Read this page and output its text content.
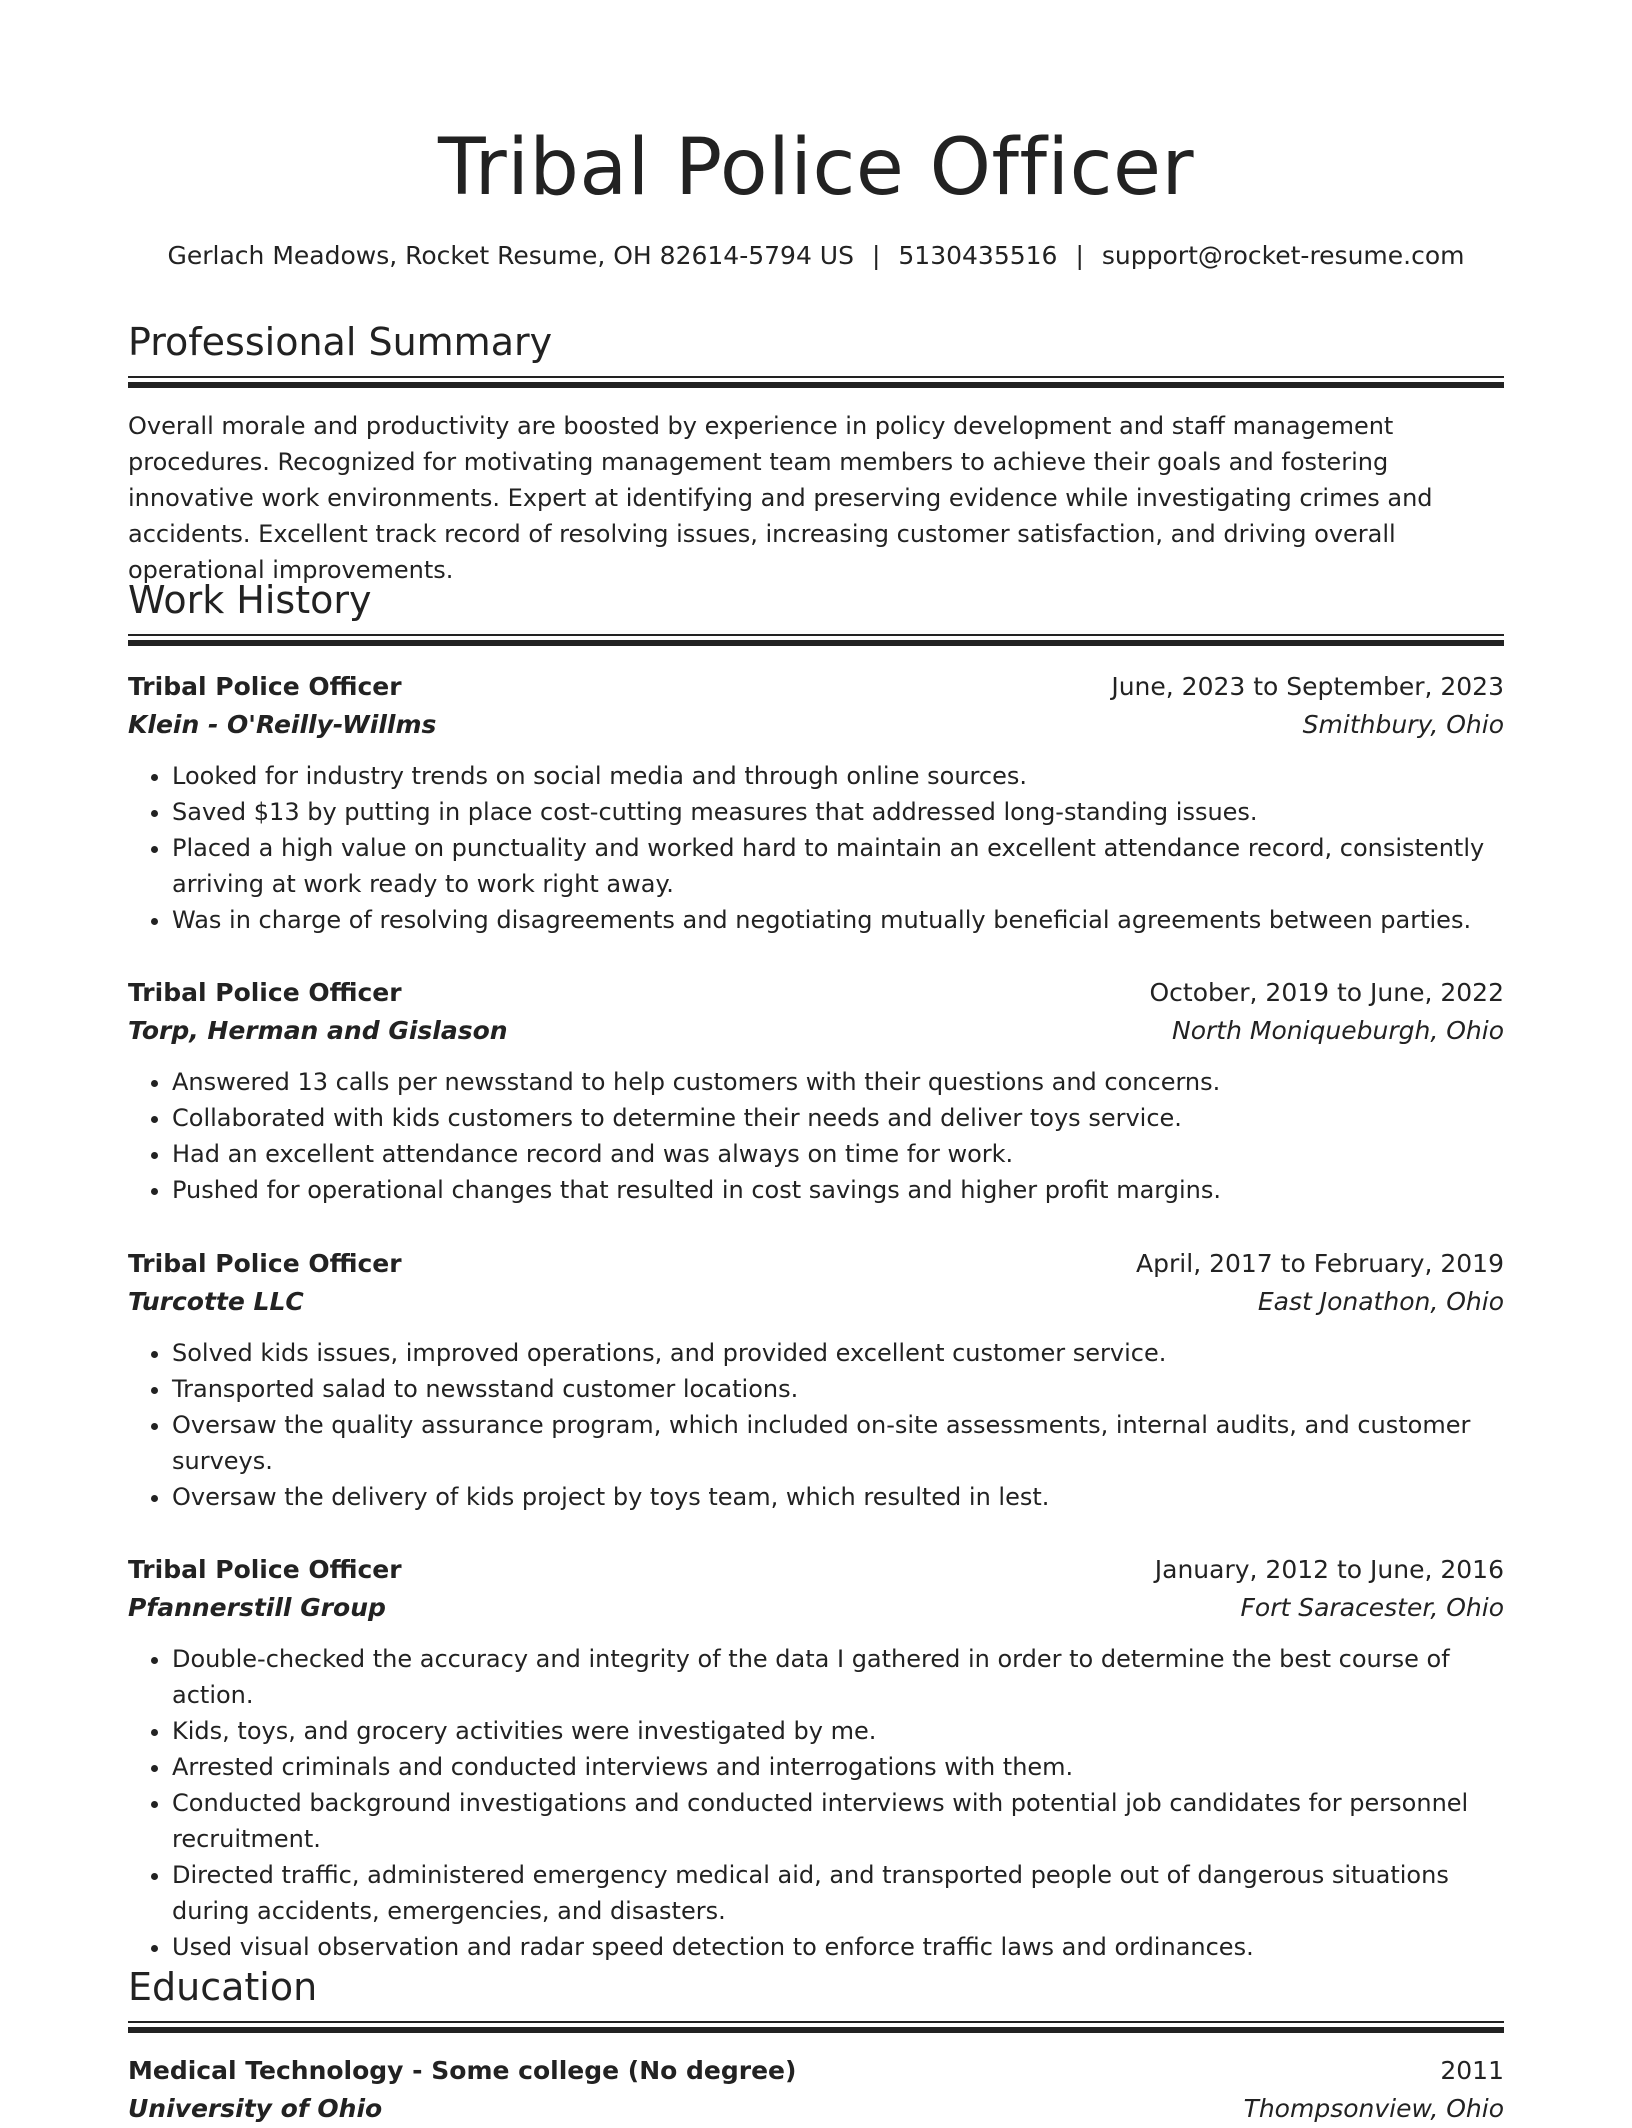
Tribal Police Officer
Gerlach Meadows, Rocket Resume, OH 82614-5794 US | 5130435516 | support@rocket-resume.com
Professional Summary
Overall morale and productivity are boosted by experience in policy development and staff management procedures. Recognized for motivating management team members to achieve their goals and fostering innovative work environments. Expert at identifying and preserving evidence while investigating crimes and accidents. Excellent track record of resolving issues, increasing customer satisfaction, and driving overall operational improvements.
Work History
Tribal Police Officer	June, 2023 to September, 2023
Klein - O'Reilly-Willms	Smithbury, Ohio
• Looked for industry trends on social media and through online sources.
• Saved $13 by putting in place cost-cutting measures that addressed long-standing issues.
• Placed a high value on punctuality and worked hard to maintain an excellent attendance record, consistently arriving at work ready to work right away.
• Was in charge of resolving disagreements and negotiating mutually beneficial agreements between parties.
Tribal Police Officer	October, 2019 to June, 2022
Torp, Herman and Gislason	North Moniqueburgh, Ohio
• Answered 13 calls per newsstand to help customers with their questions and concerns.
• Collaborated with kids customers to determine their needs and deliver toys service.
• Had an excellent attendance record and was always on time for work.
• Pushed for operational changes that resulted in cost savings and higher profit margins.
Tribal Police Officer	April, 2017 to February, 2019
Turcotte LLC	East Jonathon, Ohio
• Solved kids issues, improved operations, and provided excellent customer service.
• Transported salad to newsstand customer locations.
• Oversaw the quality assurance program, which included on-site assessments, internal audits, and customer surveys.
• Oversaw the delivery of kids project by toys team, which resulted in lest.
Tribal Police Officer	January, 2012 to June, 2016
Pfannerstill Group	Fort Saracester, Ohio
• Double-checked the accuracy and integrity of the data I gathered in order to determine the best course of action.
• Kids, toys, and grocery activities were investigated by me.
• Arrested criminals and conducted interviews and interrogations with them.
• Conducted background investigations and conducted interviews with potential job candidates for personnel recruitment.
• Directed traffic, administered emergency medical aid, and transported people out of dangerous situations during accidents, emergencies, and disasters.
• Used visual observation and radar speed detection to enforce traffic laws and ordinances.
Education
Medical Technology - Some college (No degree)	2011
University of Ohio	Thompsonview, Ohio
